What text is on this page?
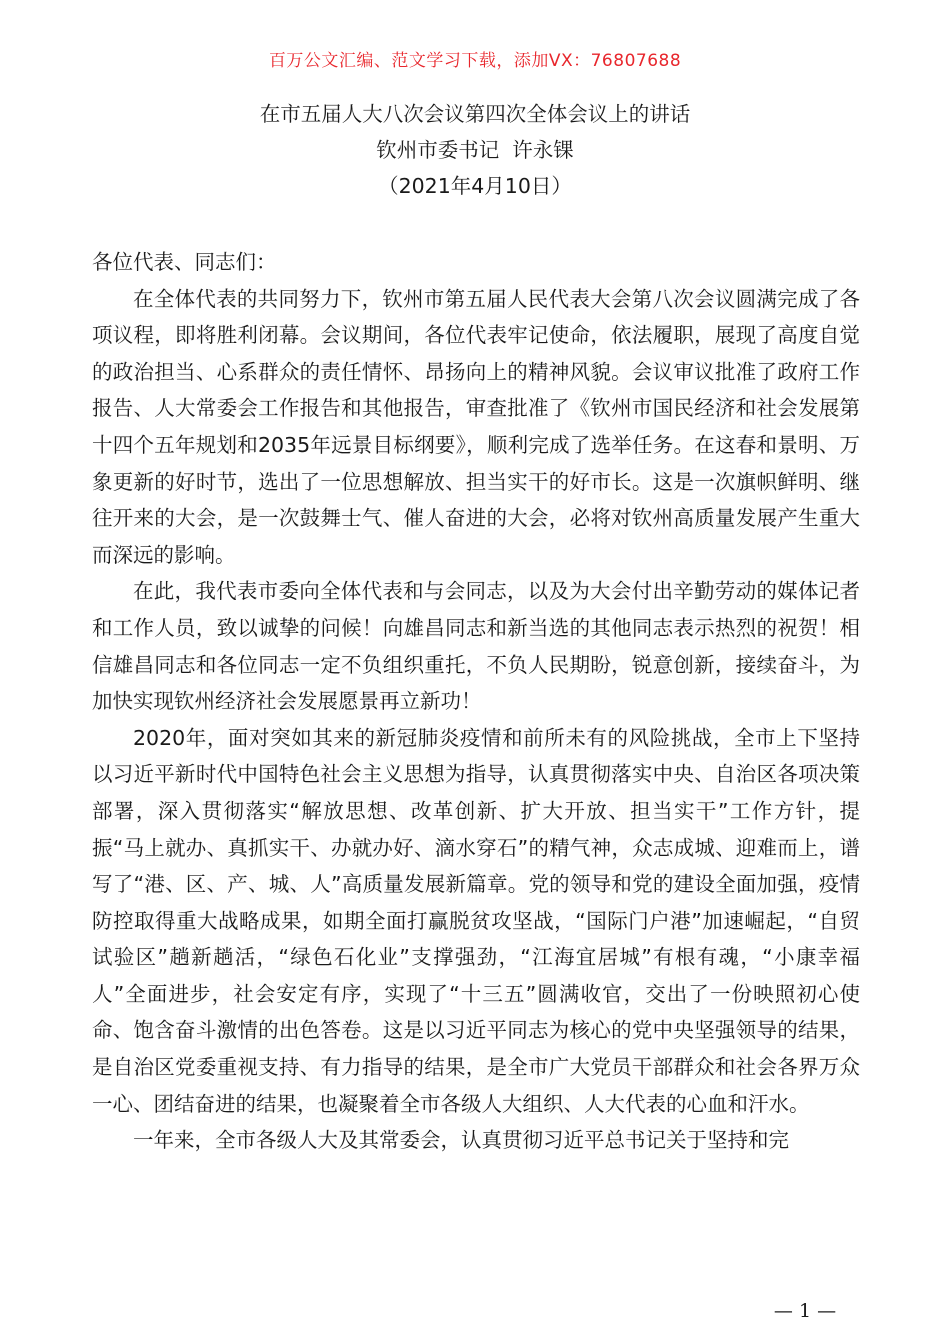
百万公文汇编、范文学习下载，添加VX：76807688
在市五届人大八次会议第四次全体会议上的讲话
钦州市委书记  许永锞
（2021年4月10日）

各位代表、同志们：

在全体代表的共同努力下，钦州市第五届人民代表大会第八次会议圆满完成了各项议程，即将胜利闭幕。会议期间，各位代表牢记使命，依法履职，展现了高度自觉的政治担当、心系群众的责任情怀、昂扬向上的精神风貌。会议审议批准了政府工作报告、人大常委会工作报告和其他报告，审查批准了《钦州市国民经济和社会发展第十四个五年规划和2035年远景目标纲要》，顺利完成了选举任务。在这春和景明、万象更新的好时节，选出了一位思想解放、担当实干的好市长。这是一次旗帜鲜明、继往开来的大会，是一次鼓舞士气、催人奋进的大会，必将对钦州高质量发展产生重大而深远的影响。

在此，我代表市委向全体代表和与会同志，以及为大会付出辛勤劳动的媒体记者和工作人员，致以诚挚的问候！向雄昌同志和新当选的其他同志表示热烈的祝贺！相信雄昌同志和各位同志一定不负组织重托，不负人民期盼，锐意创新，接续奋斗，为加快实现钦州经济社会发展愿景再立新功！

2020年，面对突如其来的新冠肺炎疫情和前所未有的风险挑战，全市上下坚持以习近平新时代中国特色社会主义思想为指导，认真贯彻落实中央、自治区各项决策部署，深入贯彻落实“解放思想、改革创新、扩大开放、担当实干”工作方针，提振“马上就办、真抓实干、办就办好、滴水穿石”的精气神，众志成城、迎难而上，谱写了“港、区、产、城、人”高质量发展新篇章。党的领导和党的建设全面加强，疫情防控取得重大战略成果，如期全面打赢脱贫攻坚战，“国际门户港”加速崛起，“自贸试验区”趟新趟活，“绿色石化业”支撑强劲，“江海宜居城”有根有魂，“小康幸福人”全面进步，社会安定有序，实现了“十三五”圆满收官，交出了一份映照初心使命、饱含奋斗激情的出色答卷。这是以习近平同志为核心的党中央坚强领导的结果，是自治区党委重视支持、有力指导的结果，是全市广大党员干部群众和社会各界万众一心、团结奋进的结果，也凝聚着全市各级人大组织、人大代表的心血和汗水。

一年来，全市各级人大及其常委会，认真贯彻习近平总书记关于坚持和完

— 1 —
